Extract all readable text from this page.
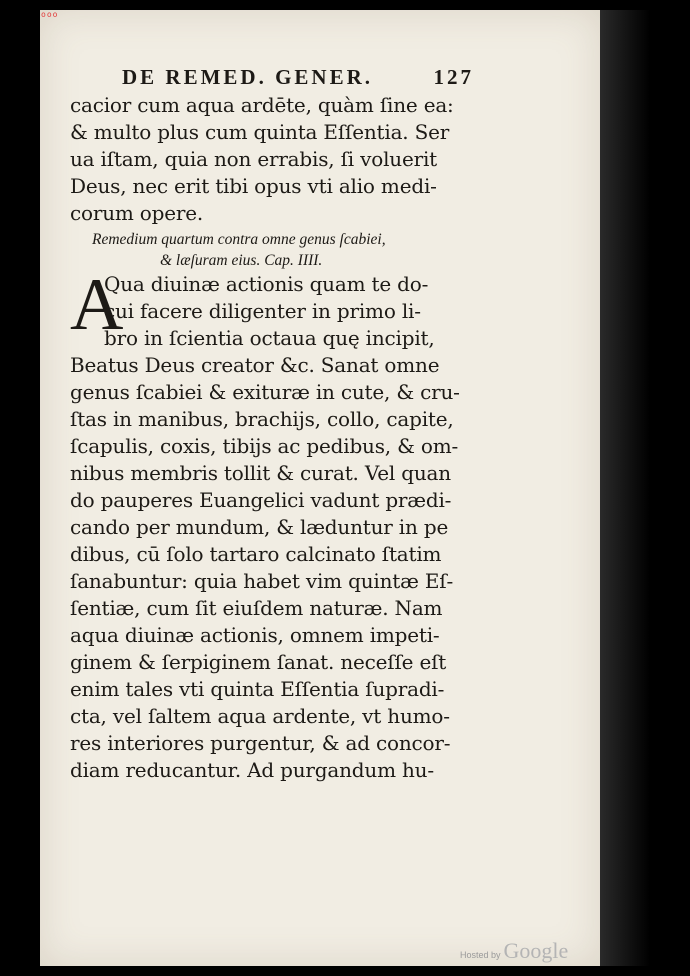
ooo
DE REMED. GENER.	127
cacior cum aqua ardēte, quàm ſine ea:
& multo plus cum quinta Eſſentia. Ser
ua iſtam, quia non errabis, ſi voluerit
Deus, nec erit tibi opus vti alio medi-
corum opere.
Remedium quartum contra omne genus ſcabiei,
& læſuram eius. Cap. IIII.
A
Qua diuinæ actionis quam te do-
cui facere diligenter in primo li-
bro in ſcientia octaua quę incipit,
Beatus Deus creator &c. Sanat omne
genus ſcabiei & exituræ in cute, & cru-
ſtas in manibus, brachijs, collo, capite,
ſcapulis, coxis, tibijs ac pedibus, & om-
nibus membris tollit & curat. Vel quan
do pauperes Euangelici vadunt prædi-
cando per mundum, & læduntur in pe
dibus, cū ſolo tartaro calcinato ſtatim
ſanabuntur: quia habet vim quintæ Eſ-
ſentiæ, cum ſit eiuſdem naturæ. Nam
aqua diuinæ actionis, omnem impeti-
ginem & ſerpiginem ſanat. neceſſe eſt
enim tales vti quinta Eſſentia ſupradi-
cta, vel ſaltem aqua ardente, vt humo-
res interiores purgentur, & ad concor-
diam reducantur. Ad purgandum hu-
Hosted by Google
